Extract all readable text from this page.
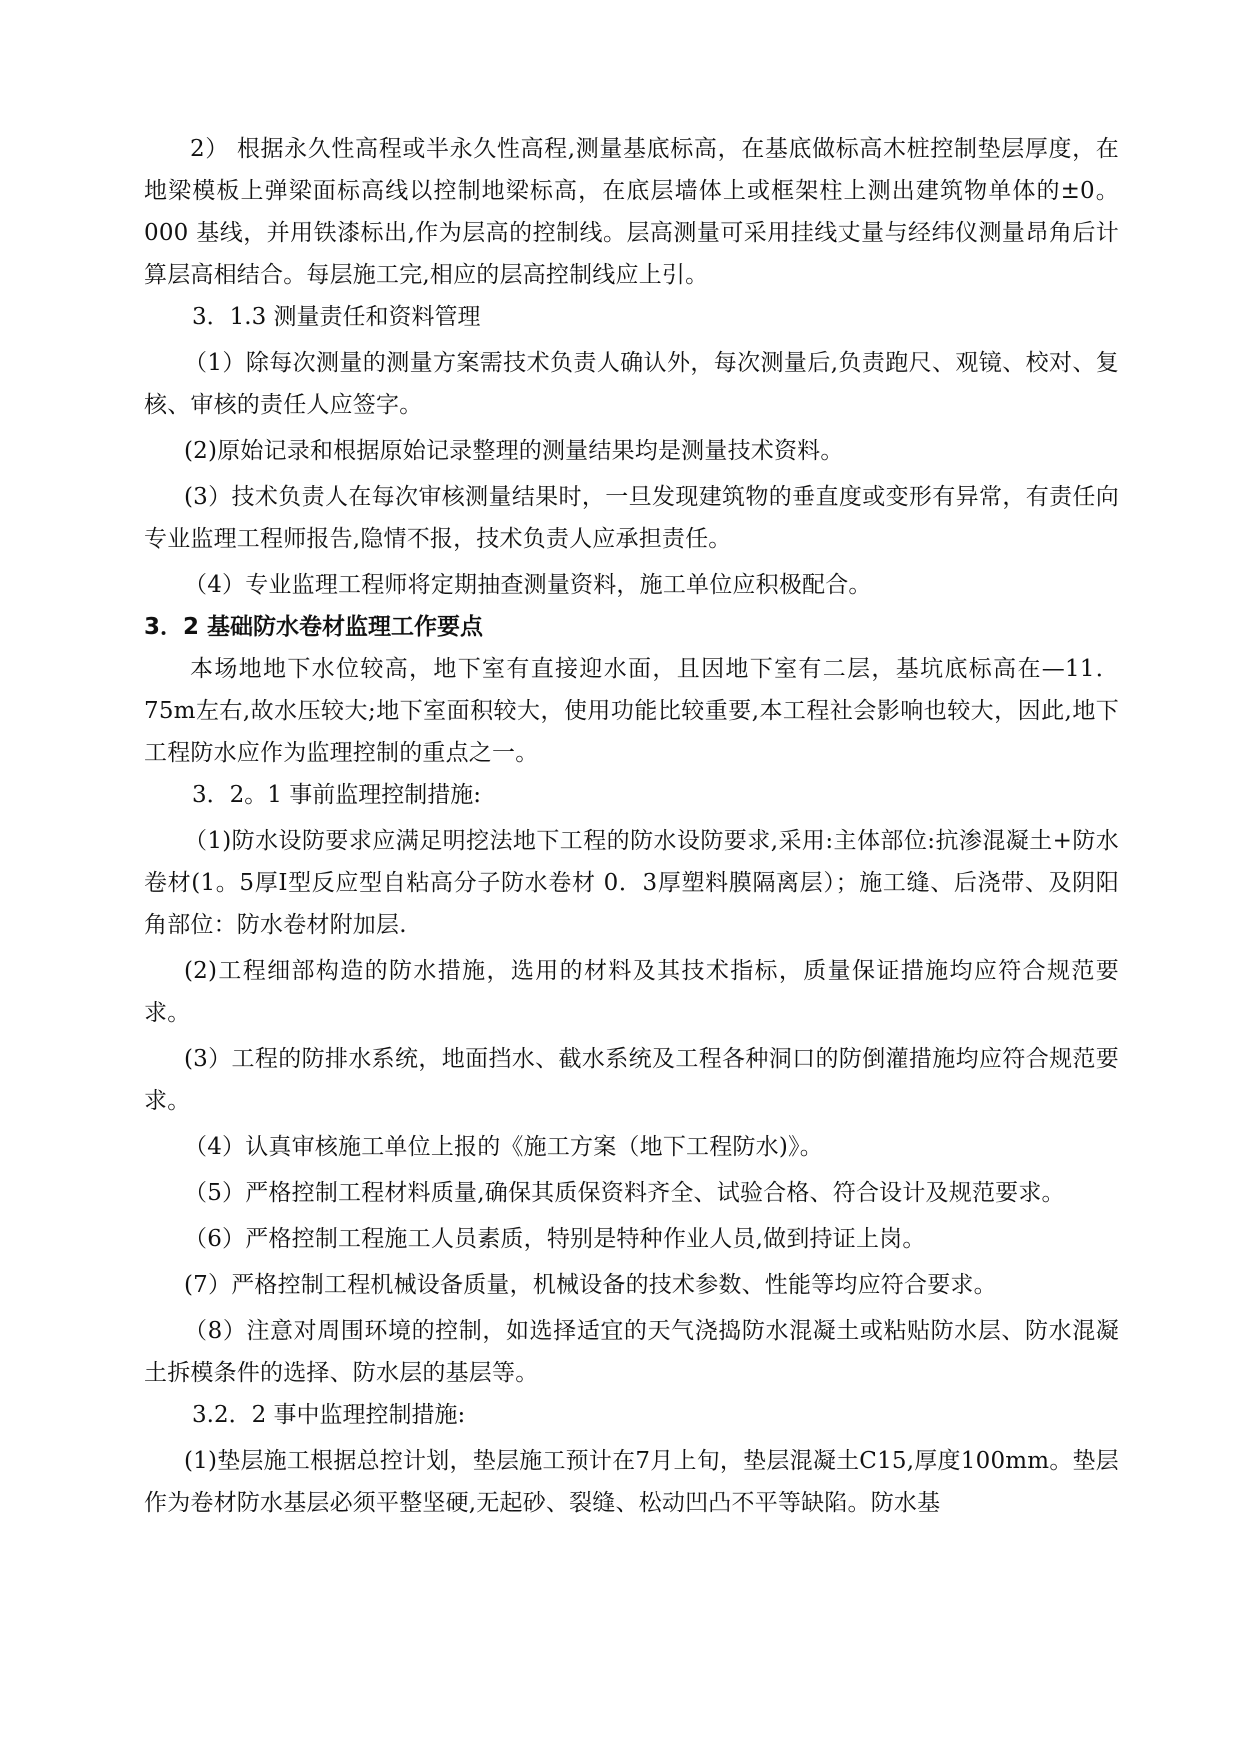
2） 根据永久性高程或半永久性高程,测量基底标高，在基底做标高木桩控制垫层厚度，在地梁模板上弹梁面标高线以控制地梁标高，在底层墙体上或框架柱上测出建筑物单体的±0。000 基线，并用铁漆标出,作为层高的控制线。层高测量可采用挂线丈量与经纬仪测量昂角后计算层高相结合。每层施工完,相应的层高控制线应上引。

3．1.3 测量责任和资料管理

（1）除每次测量的测量方案需技术负责人确认外，每次测量后,负责跑尺、观镜、校对、复核、审核的责任人应签字。

(2)原始记录和根据原始记录整理的测量结果均是测量技术资料。

(3）技术负责人在每次审核测量结果时，一旦发现建筑物的垂直度或变形有异常，有责任向专业监理工程师报告,隐情不报，技术负责人应承担责任。

（4）专业监理工程师将定期抽查测量资料，施工单位应积极配合。

3．2 基础防水卷材监理工作要点

本场地地下水位较高，地下室有直接迎水面，且因地下室有二层，基坑底标高在—11．75m左右,故水压较大;地下室面积较大，使用功能比较重要,本工程社会影响也较大，因此,地下工程防水应作为监理控制的重点之一。

3．2。1 事前监理控制措施:

（1)防水设防要求应满足明挖法地下工程的防水设防要求,采用:主体部位:抗渗混凝土+防水卷材(1。5厚Ⅰ型反应型自粘高分子防水卷材 0．3厚塑料膜隔离层）；施工缝、后浇带、及阴阳角部位：防水卷材附加层.

(2)工程细部构造的防水措施，选用的材料及其技术指标，质量保证措施均应符合规范要求。

(3）工程的防排水系统，地面挡水、截水系统及工程各种洞口的防倒灌措施均应符合规范要求。

（4）认真审核施工单位上报的《施工方案（地下工程防水)》。

（5）严格控制工程材料质量,确保其质保资料齐全、试验合格、符合设计及规范要求。

（6）严格控制工程施工人员素质，特别是特种作业人员,做到持证上岗。

(7）严格控制工程机械设备质量，机械设备的技术参数、性能等均应符合要求。

（8）注意对周围环境的控制，如选择适宜的天气浇捣防水混凝土或粘贴防水层、防水混凝土拆模条件的选择、防水层的基层等。

3.2．2 事中监理控制措施:

(1)垫层施工根据总控计划，垫层施工预计在7月上旬，垫层混凝土C15,厚度100mm。垫层作为卷材防水基层必须平整坚硬,无起砂、裂缝、松动凹凸不平等缺陷。防水基
